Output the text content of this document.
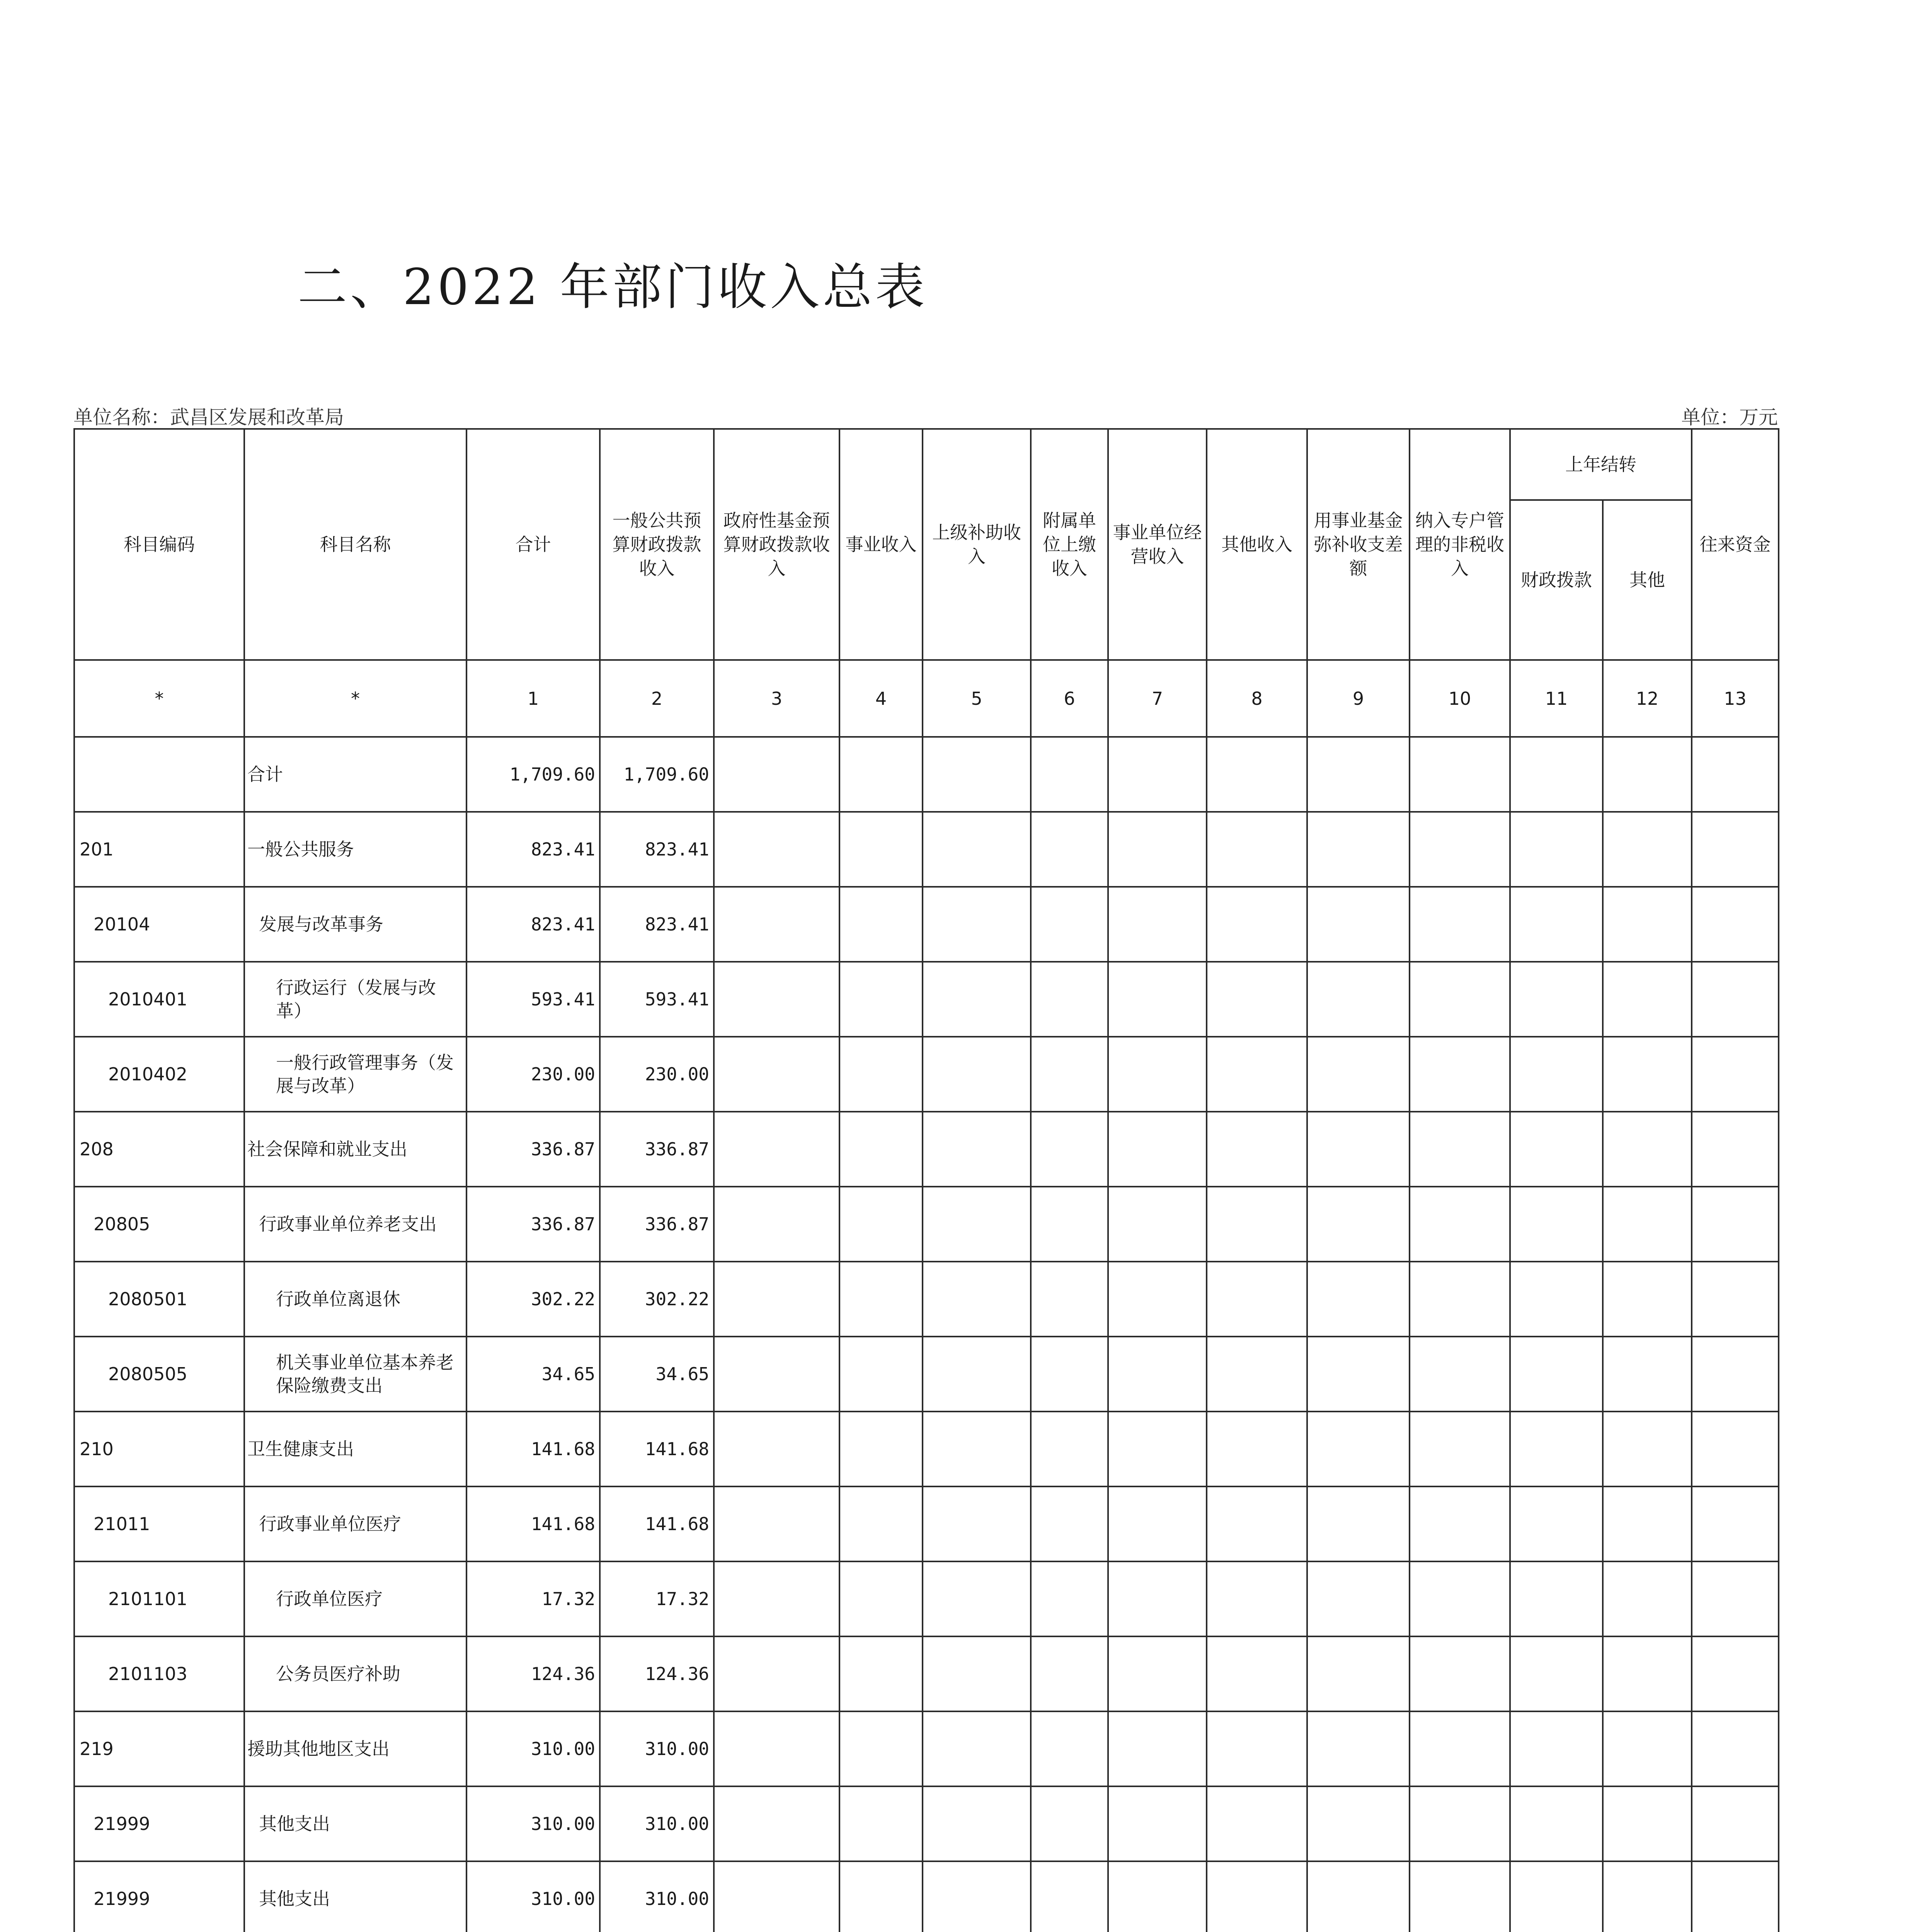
二、2022 年部门收入总表
单位名称：武昌区发展和改革局	单位：万元
科目编码	科目名称	合计	一般公共预算财政拨款收入	政府性基金预算财政拨款收入	事业收入	上级补助收入	附属单位上缴收入	事业单位经营收入	其他收入	用事业基金弥补收支差额	纳入专户管理的非税收入	上年结转		往来资金
												财政拨款	其他	
*	*	1	2	3	4	5	6	7	8	9	10	11	12	13
	合计	1,709.60	1,709.60											
201	一般公共服务	823.41	823.41											
20104	发展与改革事务	823.41	823.41											
2010401	行政运行（发展与改革）	593.41	593.41											
2010402	一般行政管理事务（发展与改革）	230.00	230.00											
208	社会保障和就业支出	336.87	336.87											
20805	行政事业单位养老支出	336.87	336.87											
2080501	行政单位离退休	302.22	302.22											
2080505	机关事业单位基本养老保险缴费支出	34.65	34.65											
210	卫生健康支出	141.68	141.68											
21011	行政事业单位医疗	141.68	141.68											
2101101	行政单位医疗	17.32	17.32											
2101103	公务员医疗补助	124.36	124.36											
219	援助其他地区支出	310.00	310.00											
21999	其他支出	310.00	310.00											
21999	其他支出	310.00	310.00											
